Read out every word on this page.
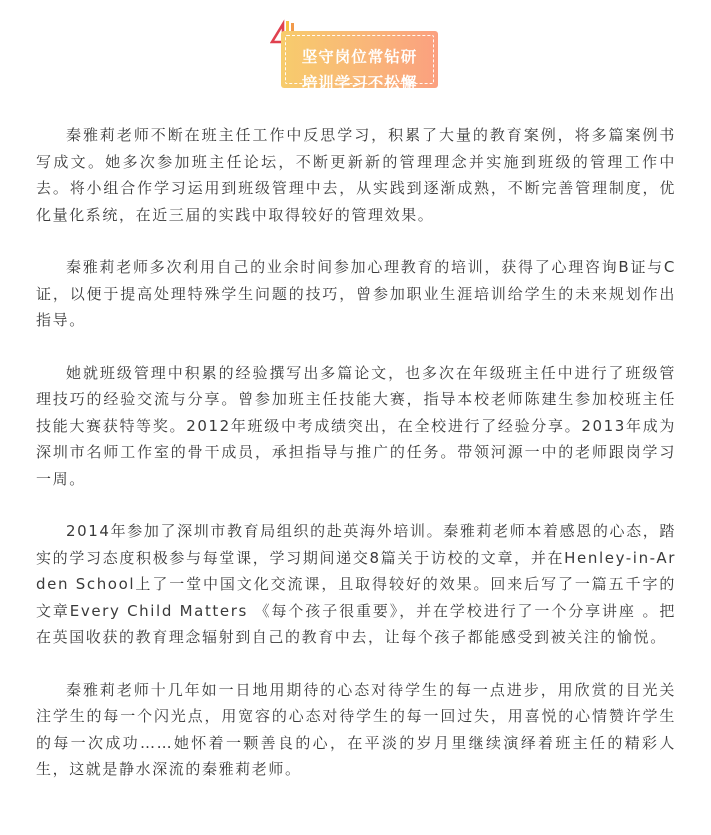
坚守岗位常钻研
培训学习不松懈

秦雅莉老师不断在班主任工作中反思学习，积累了大量的教育案例，将多篇案例书写成文。她多次参加班主任论坛，不断更新新的管理理念并实施到班级的管理工作中去。将小组合作学习运用到班级管理中去，从实践到逐渐成熟，不断完善管理制度，优化量化系统，在近三届的实践中取得较好的管理效果。

秦雅莉老师多次利用自己的业余时间参加心理教育的培训，获得了心理咨询B证与C证，以便于提高处理特殊学生问题的技巧，曾参加职业生涯培训给学生的未来规划作出指导。

她就班级管理中积累的经验撰写出多篇论文，也多次在年级班主任中进行了班级管理技巧的经验交流与分享。曾参加班主任技能大赛，指导本校老师陈建生参加校班主任技能大赛获特等奖。2012年班级中考成绩突出，在全校进行了经验分享。2013年成为深圳市名师工作室的骨干成员，承担指导与推广的任务。带领河源一中的老师跟岗学习一周。

2014年参加了深圳市教育局组织的赴英海外培训。秦雅莉老师本着感恩的心态，踏实的学习态度积极参与每堂课，学习期间递交8篇关于访校的文章，并在Henley-in-Arden School上了一堂中国文化交流课，且取得较好的效果。回来后写了一篇五千字的文章Every Child Matters 《每个孩子很重要》，并在学校进行了一个分享讲座 。把在英国收获的教育理念辐射到自己的教育中去，让每个孩子都能感受到被关注的愉悦。

秦雅莉老师十几年如一日地用期待的心态对待学生的每一点进步，用欣赏的目光关注学生的每一个闪光点，用宽容的心态对待学生的每一回过失，用喜悦的心情赞许学生的每一次成功……她怀着一颗善良的心，在平淡的岁月里继续演绎着班主任的精彩人生，这就是静水深流的秦雅莉老师。
